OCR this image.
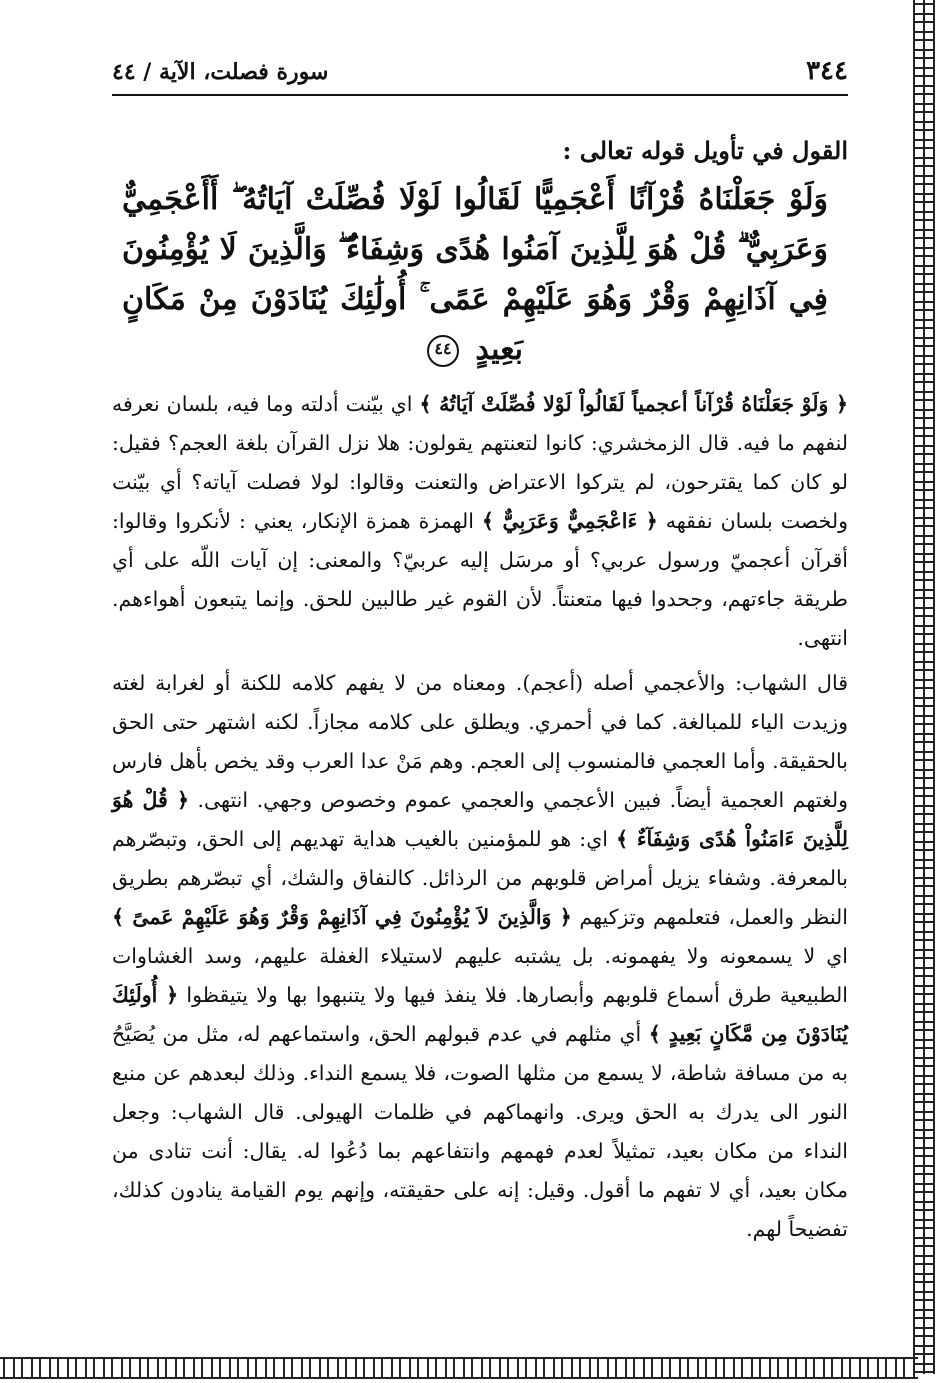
٣٤٤
سورة فصلت، الآية / ٤٤
القول في تأويل قوله تعالى :
وَلَوْ جَعَلْنَاهُ قُرْآنًا أَعْجَمِيًّا لَقَالُوا لَوْلَا فُصِّلَتْ آيَاتُهُ ۖ أَأَعْجَمِيٌّ وَعَرَبِيٌّ ۗ قُلْ هُوَ لِلَّذِينَ آمَنُوا هُدًى وَشِفَاءٌ ۖ وَالَّذِينَ لَا يُؤْمِنُونَ فِي آذَانِهِمْ وَقْرٌ وَهُوَ عَلَيْهِمْ عَمًى ۚ أُولَٰئِكَ يُنَادَوْنَ مِنْ مَكَانٍ بَعِيدٍ ٤٤

﴿ وَلَوْ جَعَلْنَاهُ قُرْآناً أعجمياً لَقَالُواْ لَوْلا فُصِّلَتْ آيَاتُهُ ﴾ اي بيّنت أدلته وما فيه، بلسان نعرفه لنفهم ما فيه. قال الزمخشري: كانوا لتعنتهم يقولون: هلا نزل القرآن بلغة العجم؟ فقيل: لو كان كما يقترحون، لم يتركوا الاعتراض والتعنت وقالوا: لولا فصلت آياته؟ أي بيّنت ولخصت بلسان نفقهه ﴿ ءَاعْجَمِيٌّ وَعَرَبِيٌّ ﴾ الهمزة همزة الإنكار، يعني : لأنكروا وقالوا: أقرآن أعجميّ ورسول عربي؟ أو مرسَل إليه عربيّ؟ والمعنى: إن آيات اللّه على أي طريقة جاءتهم، وجحدوا فيها متعنتاً. لأن القوم غير طالبين للحق. وإنما يتبعون أهواءهم. انتهى.

قال الشهاب: والأعجمي أصله (أعجم). ومعناه من لا يفهم كلامه للكنة أو لغرابة لغته وزيدت الياء للمبالغة. كما في أحمري. ويطلق على كلامه مجازاً. لكنه اشتهر حتى الحق بالحقيقة. وأما العجمي فالمنسوب إلى العجم. وهم مَنْ عدا العرب وقد يخص بأهل فارس ولغتهم العجمية أيضاً. فبين الأعجمي والعجمي عموم وخصوص وجهي. انتهى. ﴿ قُلْ هُوَ لِلَّذِينَ ءَامَنُواْ هُدًى وَشِفَآءٌ ﴾ اي: هو للمؤمنين بالغيب هداية تهديهم إلى الحق، وتبصّرهم بالمعرفة. وشفاء يزيل أمراض قلوبهم من الرذائل. كالنفاق والشك، أي تبصّرهم بطريق النظر والعمل، فتعلمهم وتزكيهم ﴿ وَالَّذِينَ لاَ يُؤْمِنُونَ فِي آذَانِهِمْ وَقْرٌ وَهُوَ عَلَيْهِمْ عَمىً ﴾ اي لا يسمعونه ولا يفهمونه. بل يشتبه عليهم لاستيلاء الغفلة عليهم، وسد الغشاوات الطبيعية طرق أسماع قلوبهم وأبصارها. فلا ينفذ فيها ولا يتنبهوا بها ولا يتيقظوا ﴿ أُولَئِكَ يُنَادَوْنَ مِن مَّكَانٍ بَعِيدٍ ﴾ أي مثلهم في عدم قبولهم الحق، واستماعهم له، مثل من يُصَيَّحُ به من مسافة شاطة، لا يسمع من مثلها الصوت، فلا يسمع النداء. وذلك لبعدهم عن منبع النور الى يدرك به الحق ويرى. وانهماكهم في ظلمات الهيولى. قال الشهاب: وجعل النداء من مكان بعيد، تمثيلاً لعدم فهمهم وانتفاعهم بما دُعُوا له. يقال: أنت تنادى من مكان بعيد، أي لا تفهم ما أقول. وقيل: إنه على حقيقته، وإنهم يوم القيامة ينادون كذلك، تفضيحاً لهم.
